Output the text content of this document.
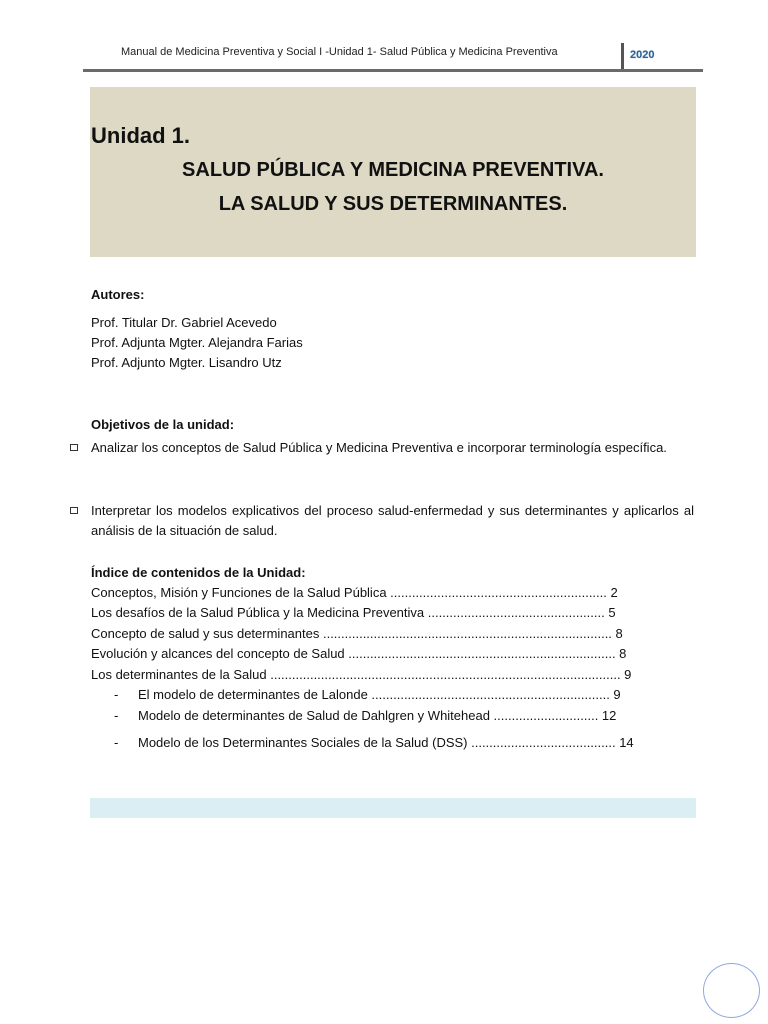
Manual de Medicina Preventiva y Social I -Unidad 1- Salud Pública y Medicina Preventiva	2020
Unidad 1.
SALUD PÚBLICA Y MEDICINA PREVENTIVA.
LA SALUD Y SUS DETERMINANTES.
Autores:
Prof. Titular Dr. Gabriel Acevedo
Prof. Adjunta Mgter. Alejandra Farias
Prof. Adjunto Mgter. Lisandro Utz
Objetivos de la unidad:
Analizar los conceptos de Salud Pública y Medicina Preventiva e incorporar terminología específica.
Interpretar los modelos explicativos del proceso salud-enfermedad y sus determinantes y aplicarlos al análisis de la situación de salud.
Índice de contenidos de la Unidad:
Conceptos, Misión y Funciones de la Salud Pública ............................................................ 2
Los desafíos de la Salud Pública y la Medicina Preventiva ................................................. 5
Concepto de salud y sus determinantes ................................................................................ 8
Evolución y alcances del concepto de Salud .......................................................................... 8
Los determinantes de la Salud ................................................................................................. 9
- El modelo de determinantes de Lalonde .................................................................. 9
- Modelo de determinantes de Salud de Dahlgren y Whitehead ............................. 12
- Modelo de los Determinantes Sociales de la Salud (DSS) ........................................ 14
